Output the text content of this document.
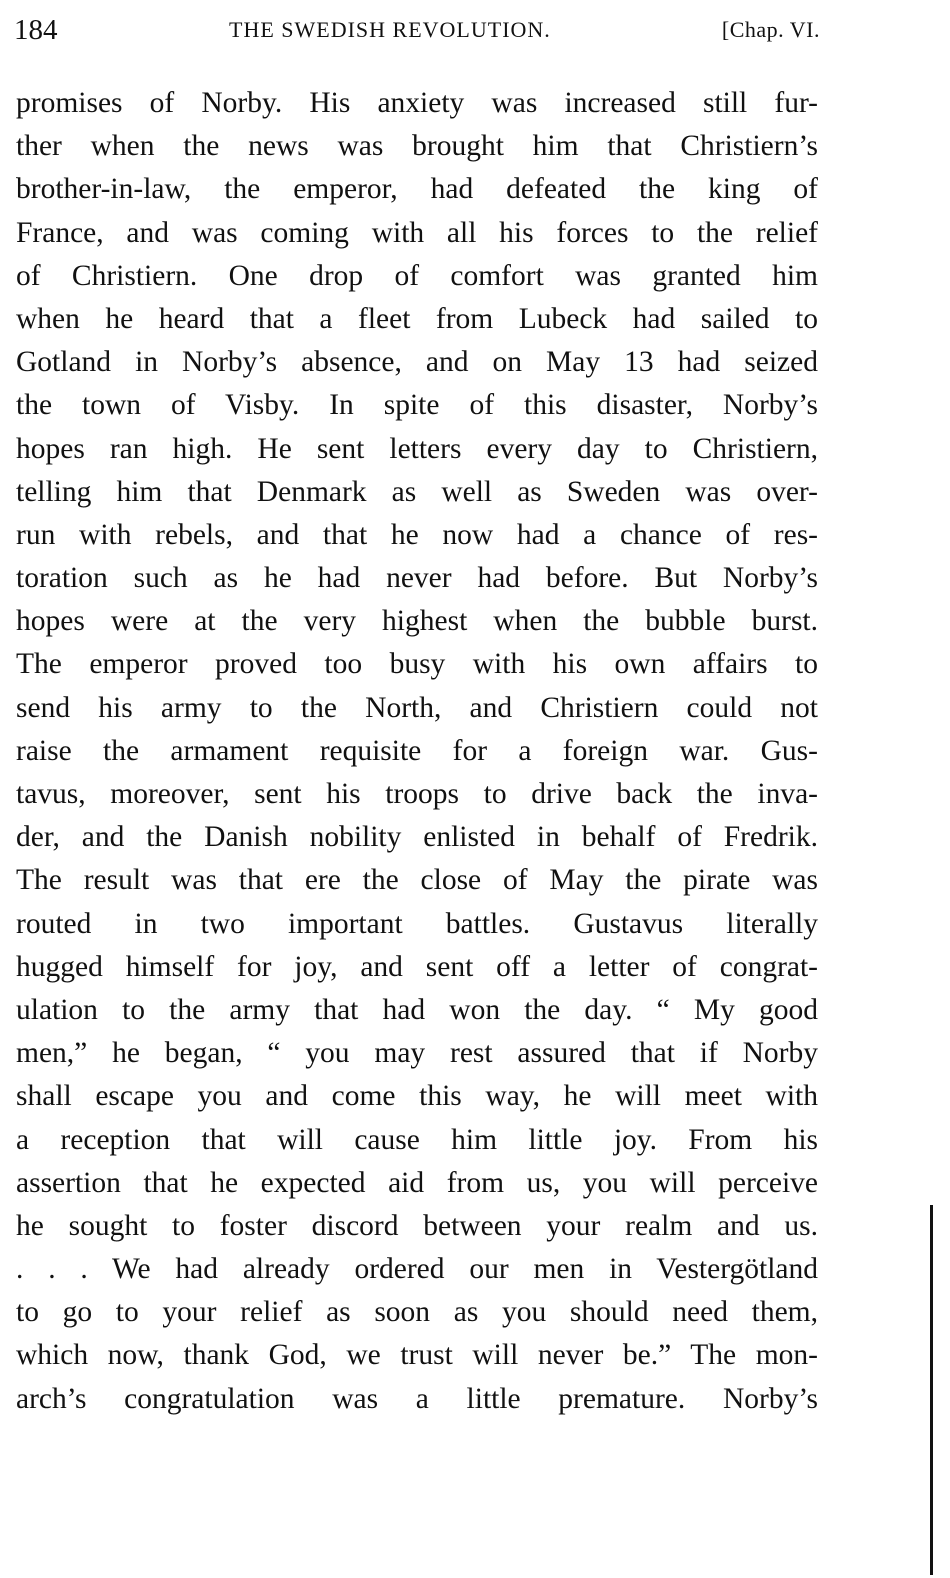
184	THE SWEDISH REVOLUTION.	[Chap. VI.
promises of Norby. His anxiety was increased still fur-
ther when the news was brought him that Christiern’s
brother-in-law, the emperor, had defeated the king of
France, and was coming with all his forces to the relief
of Christiern. One drop of comfort was granted him
when he heard that a fleet from Lubeck had sailed to
Gotland in Norby’s absence, and on May 13 had seized
the town of Visby. In spite of this disaster, Norby’s
hopes ran high. He sent letters every day to Christiern,
telling him that Denmark as well as Sweden was over-
run with rebels, and that he now had a chance of res-
toration such as he had never had before. But Norby’s
hopes were at the very highest when the bubble burst.
The emperor proved too busy with his own affairs to
send his army to the North, and Christiern could not
raise the armament requisite for a foreign war. Gus-
tavus, moreover, sent his troops to drive back the inva-
der, and the Danish nobility enlisted in behalf of Fredrik.
The result was that ere the close of May the pirate was
routed in two important battles. Gustavus literally
hugged himself for joy, and sent off a letter of congrat-
ulation to the army that had won the day. “ My good
men,” he began, “ you may rest assured that if Norby
shall escape you and come this way, he will meet with
a reception that will cause him little joy. From his
assertion that he expected aid from us, you will perceive
he sought to foster discord between your realm and us.
. . . We had already ordered our men in Vestergötland
to go to your relief as soon as you should need them,
which now, thank God, we trust will never be.” The mon-
arch’s congratulation was a little premature. Norby’s
